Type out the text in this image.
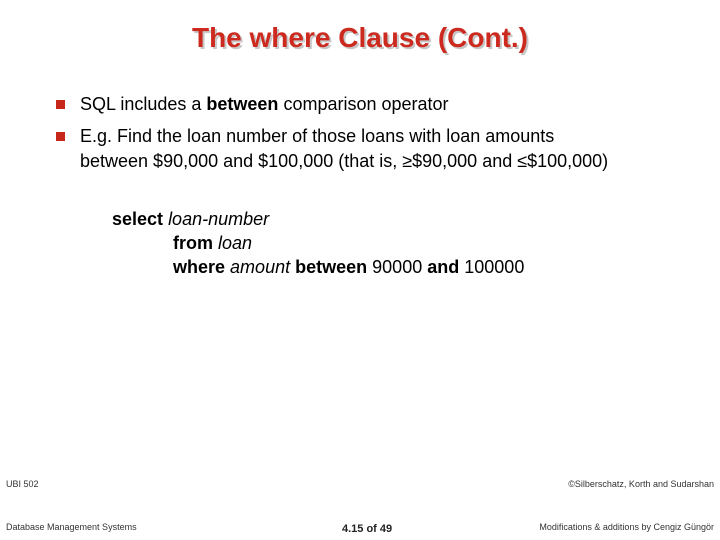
The where Clause (Cont.)
SQL includes a between comparison operator
E.g. Find the loan number of those loans with loan amounts
between $90,000 and $100,000 (that is, ≥$90,000 and ≤$100,000)
select loan-number
from loan
where amount between 90000 and 100000
UBI 502
Database Management Systems	4.15 of 49
©Silberschatz, Korth and Sudarshan
Modifications & additions by Cengiz Güngör
